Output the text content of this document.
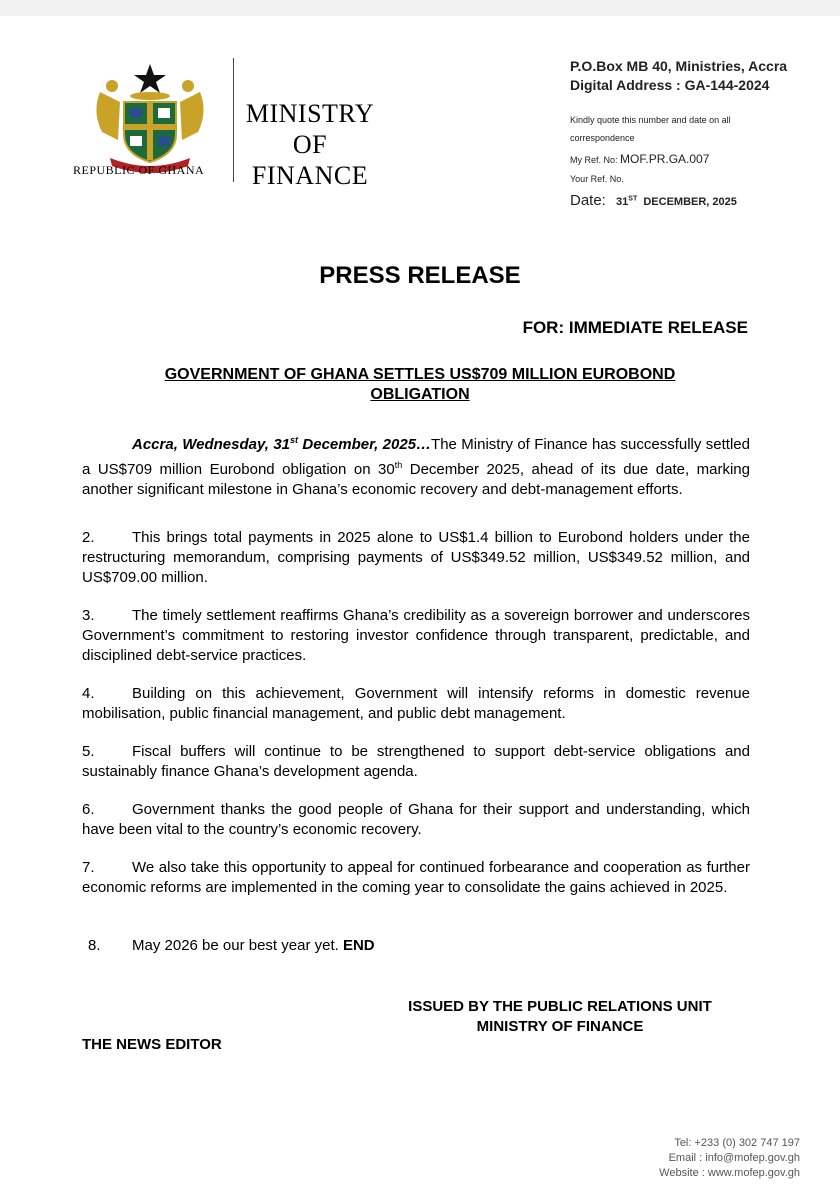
REPUBLIC OF GHANA
MINISTRY
OF
FINANCE
P.O.Box MB 40, Ministries, Accra
Digital Address : GA-144-2024
Kindly quote this number and date on all
correspondence
My Ref. No: MOF.PR.GA.007
Your Ref. No.
Date: 31ST DECEMBER, 2025
PRESS RELEASE
FOR: IMMEDIATE RELEASE
GOVERNMENT OF GHANA SETTLES US$709 MILLION EUROBOND
OBLIGATION
Accra, Wednesday, 31st December, 2025…The Ministry of Finance has successfully settled a US$709 million Eurobond obligation on 30th December 2025, ahead of its due date, marking another significant milestone in Ghana’s economic recovery and debt-management efforts.
2. This brings total payments in 2025 alone to US$1.4 billion to Eurobond holders under the restructuring memorandum, comprising payments of US$349.52 million, US$349.52 million, and US$709.00 million.
3. The timely settlement reaffirms Ghana’s credibility as a sovereign borrower and underscores Government’s commitment to restoring investor confidence through transparent, predictable, and disciplined debt-service practices.
4. Building on this achievement, Government will intensify reforms in domestic revenue mobilisation, public financial management, and public debt management.
5. Fiscal buffers will continue to be strengthened to support debt-service obligations and sustainably finance Ghana’s development agenda.
6. Government thanks the good people of Ghana for their support and understanding, which have been vital to the country’s economic recovery.
7. We also take this opportunity to appeal for continued forbearance and cooperation as further economic reforms are implemented in the coming year to consolidate the gains achieved in 2025.
8. May 2026 be our best year yet. END
ISSUED BY THE PUBLIC RELATIONS UNIT
MINISTRY OF FINANCE
THE NEWS EDITOR
Tel: +233 (0) 302 747 197
Email : info@mofep.gov.gh
Website : www.mofep.gov.gh
